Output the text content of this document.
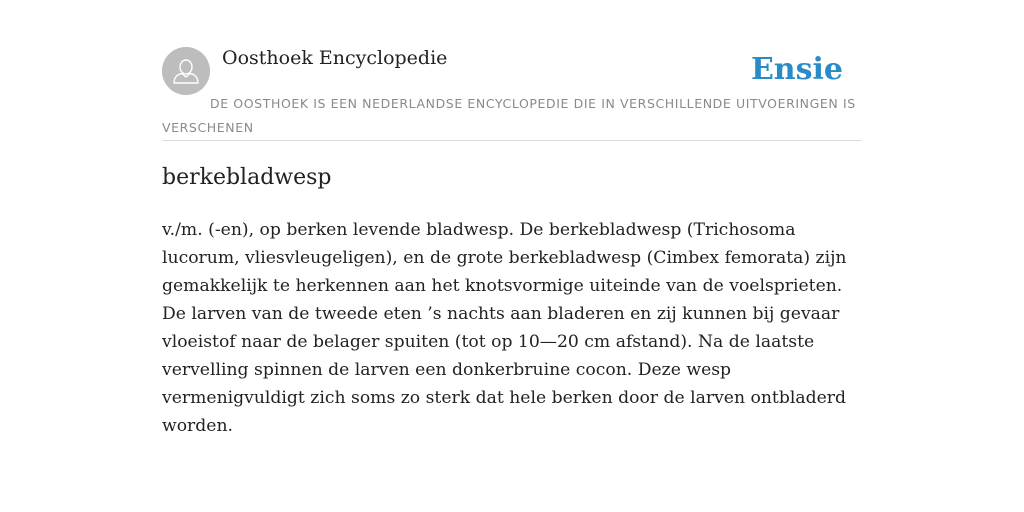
Oosthoek Encyclopedie	Ensie
DE OOSTHOEK IS EEN NEDERLANDSE ENCYCLOPEDIE DIE IN VERSCHILLENDE UITVOERINGEN IS VERSCHENEN
berkebladwesp

v./m. (-en), op berken levende bladwesp. De berkebladwesp (Trichosoma lucorum, vliesvleugeligen), en de grote berkebladwesp (Cimbex femorata) zijn gemakkelijk te herkennen aan het knotsvormige uiteinde van de voelsprieten. De larven van de tweede eten ’s nachts aan bladeren en zij kunnen bij gevaar vloeistof naar de belager spuiten (tot op 10—20 cm afstand). Na de laatste vervelling spinnen de larven een donkerbruine cocon. Deze wesp vermenigvuldigt zich soms zo sterk dat hele berken door de larven ontbladerd worden.
